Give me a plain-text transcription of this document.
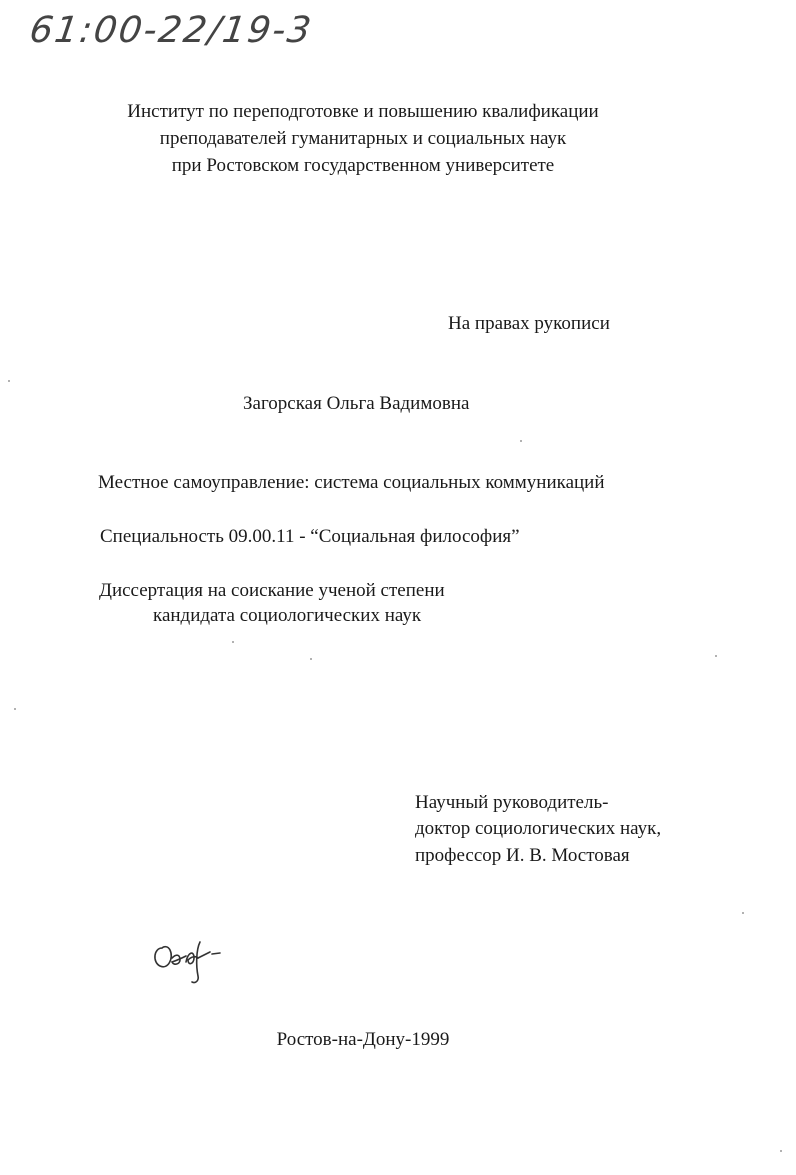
61:00-22/19-3
Институт по переподготовке и повышению квалификации
преподавателей гуманитарных и социальных наук
при Ростовском государственном университете
На правах рукописи
Загорская Ольга Вадимовна
Местное самоуправление: система социальных коммуникаций
Специальность 09.00.11 - “Социальная философия”
Диссертация на соискание ученой степени
кандидата социологических наук
Научный руководитель-
доктор социологических наук,
профессор И. В. Мостовая
Ростов-на-Дону-1999
